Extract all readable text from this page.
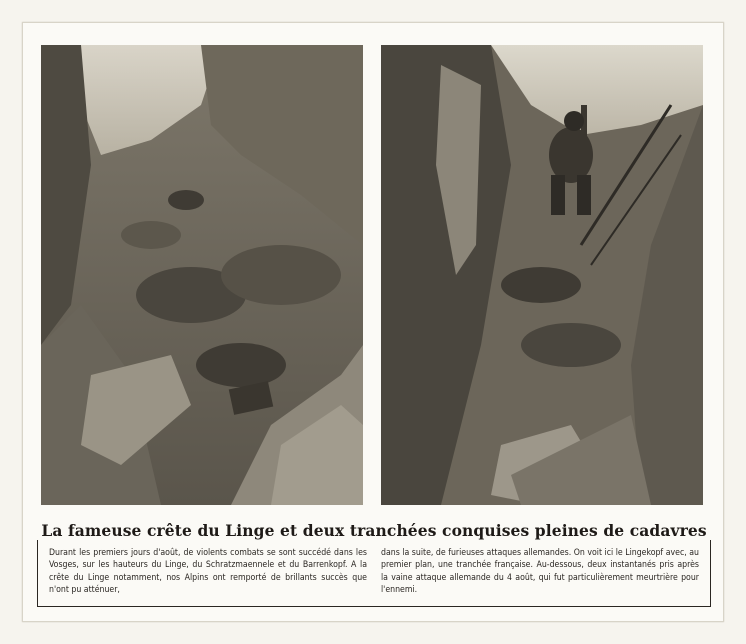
La fameuse crête du Linge et deux tranchées conquises pleines de cadavres

Durant les premiers jours d'août, de violents combats se sont succédé dans les Vosges, sur les hauteurs du Linge, du Schratzmaennele et du Barrenkopf. A la crête du Linge notamment, nos Alpins ont remporté de brillants succès que n'ont pu atténuer,

dans la suite, de furieuses attaques allemandes. On voit ici le Lingekopf avec, au premier plan, une tranchée française. Au-dessous, deux instantanés pris après la vaine attaque allemande du 4 août, qui fut particulièrement meurtrière pour l'ennemi.
